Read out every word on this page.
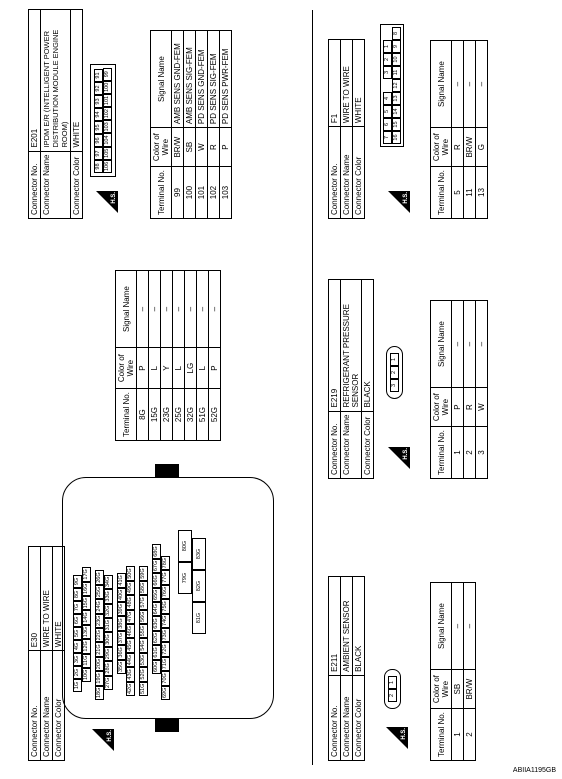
Connector No.	E30
Connector Name	WIRE TO WIRE
Connector Color	WHITE
H.S.
1G
2G
3G
4G
5G
6G
7G
8G
9G
10G
11G
12G
13G
14G
15G
16G
17G
18G
19G
20G
21G
22G
23G
24G
25G
26G
27G
28G
29G
30G
31G
32G
33G
34G
35G
36G
37G
38G
39G
40G
41G
42G
43G
44G
45G
46G
47G
48G
49G
50G
51G
52G
53G
54G
55G
56G
57G
58G
59G
60G
61G
62G
63G
64G
65G
66G
67G
68G
69G
70G
71G
72G
73G
74G
75G
76G
77G
78G
79G
80G
81G
82G
83G
Terminal No.	Color of Wire	Signal Name
8G	P	–
15G	L	–
23G	Y	–
25G	L	–
32G	LG	–
51G	L	–
52G	P	–
Connector No.	E201
Connector Name	IPDM E/R (INTELLIGENT POWER DISTRIBUTION MODULE ENGINE ROOM)
Connector Color	WHITE
H.S.
98
97
96
95
94
93
92
91
106
105
104
103
102
101
100
99
Terminal No.	Color of Wire	Signal Name
99	BR/W	AMB SENS GND-FEM
100	SB	AMB SENS SIG-FEM
101	W	PD SENS GND-FEM
102	R	PD SENS SIG-FEM
103	P	PD SENS PWR-FEM
Connector No.	E211
Connector Name	AMBIENT SENSOR
Connector Color	BLACK
H.S.
21
Terminal No.	Color of Wire	Signal Name
1	SB	–
2	BR/W	–
Connector No.	E219
Connector Name	REFRIGERANT PRESSURE SENSOR
Connector Color	BLACK
H.S.
321
Terminal No.	Color of Wire	Signal Name
1	P	–
2	R	–
3	W	–
Connector No.	F1
Connector Name	WIRE TO WIRE
Connector Color	WHITE
H.S.
7
6
5
4
3
2
1
16
15
14
13
12
11
10
9
8
Terminal No.	Color of Wire	Signal Name
5	R	–
11	BR/W	–
13	G	–
ABIIA1195GB
